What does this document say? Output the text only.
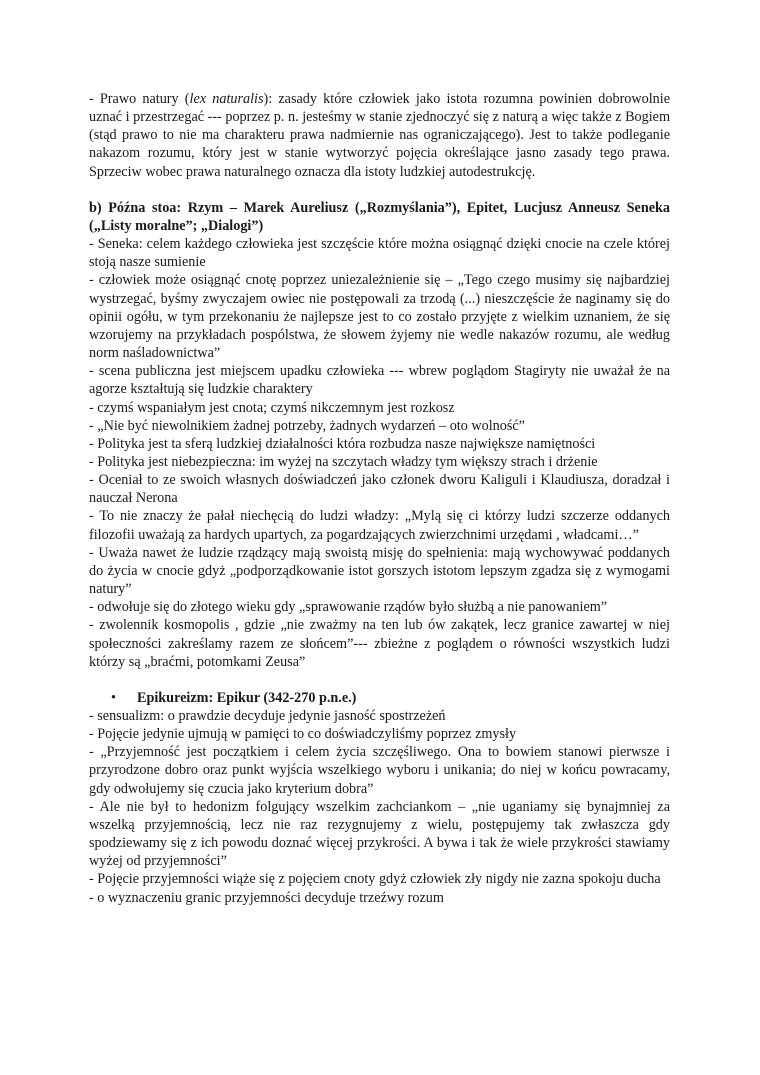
- Prawo natury (lex naturalis): zasady które człowiek jako istota rozumna powinien dobrowolnie uznać i przestrzegać --- poprzez p. n. jesteśmy w stanie zjednoczyć się z naturą a więc także z Bogiem (stąd prawo to nie ma charakteru prawa nadmiernie nas ograniczającego). Jest to także podleganie nakazom rozumu, który jest w stanie wytworzyć pojęcia określające jasno zasady tego prawa. Sprzeciw wobec prawa naturalnego oznacza dla istoty ludzkiej autodestrukcję.

b) Późna stoa: Rzym – Marek Aureliusz („Rozmyślania”), Epitet, Lucjusz Anneusz Seneka („Listy moralne”; „Dialogi”)

- Seneka: celem każdego człowieka jest szczęście które można osiągnąć dzięki cnocie na czele której stoją nasze sumienie

- człowiek może osiągnąć cnotę poprzez uniezależnienie się – „Tego czego musimy się najbardziej wystrzegać, byśmy zwyczajem owiec nie postępowali za trzodą (...) nieszczęście że naginamy się do opinii ogółu, w tym przekonaniu że najlepsze jest to co zostało przyjęte z wielkim uznaniem, że się wzorujemy na przykładach pospólstwa, że słowem żyjemy nie wedle nakazów rozumu, ale według norm naśladownictwa”

- scena publiczna jest miejscem upadku człowieka --- wbrew poglądom Stagiryty nie uważał że na agorze kształtują się ludzkie charaktery

- czymś wspaniałym jest cnota; czymś nikczemnym jest rozkosz

- „Nie być niewolnikiem żadnej potrzeby, żadnych wydarzeń – oto wolność”

- Polityka jest ta sferą ludzkiej działalności która rozbudza nasze największe namiętności

- Polityka jest niebezpieczna: im wyżej na szczytach władzy tym większy strach i drżenie

- Oceniał to ze swoich własnych doświadczeń jako członek dworu Kaliguli i Klaudiusza, doradzał i nauczał Nerona

- To nie znaczy że pałał niechęcią do ludzi władzy: „Mylą się ci którzy ludzi szczerze oddanych filozofii uważają za hardych upartych, za pogardzających zwierzchnimi urzędami , władcami…”

- Uważa nawet że ludzie rządzący mają swoistą misję do spełnienia: mają wychowywać poddanych do życia w cnocie gdyż „podporządkowanie istot gorszych istotom lepszym zgadza się z wymogami natury”

- odwołuje się do złotego wieku gdy „sprawowanie rządów było służbą a nie panowaniem”

- zwolennik kosmopolis , gdzie „nie zważmy na ten lub ów zakątek, lecz granice zawartej w niej społeczności zakreślamy razem ze słońcem”--- zbieżne z poglądem o równości wszystkich ludzi którzy są „braćmi, potomkami Zeusa”

• Epikureizm: Epikur (342-270 p.n.e.)

- sensualizm: o prawdzie decyduje jedynie jasność spostrzeżeń

- Pojęcie jedynie ujmują w pamięci to co doświadczyliśmy poprzez zmysły

- „Przyjemność jest początkiem i celem życia szczęśliwego. Ona to bowiem stanowi pierwsze i przyrodzone dobro oraz punkt wyjścia wszelkiego wyboru i unikania; do niej w końcu powracamy, gdy odwołujemy się czucia jako kryterium dobra”

- Ale nie był to hedonizm folgujący wszelkim zachciankom – „nie uganiamy się bynajmniej za wszelką przyjemnością, lecz nie raz rezygnujemy z wielu, postępujemy tak zwłaszcza gdy spodziewamy się z ich powodu doznać więcej przykrości. A bywa i tak że wiele przykrości stawiamy wyżej od przyjemności”

- Pojęcie przyjemności wiąże się z pojęciem cnoty gdyż człowiek zły nigdy nie zazna spokoju ducha

- o wyznaczeniu granic przyjemności decyduje trzeźwy rozum
